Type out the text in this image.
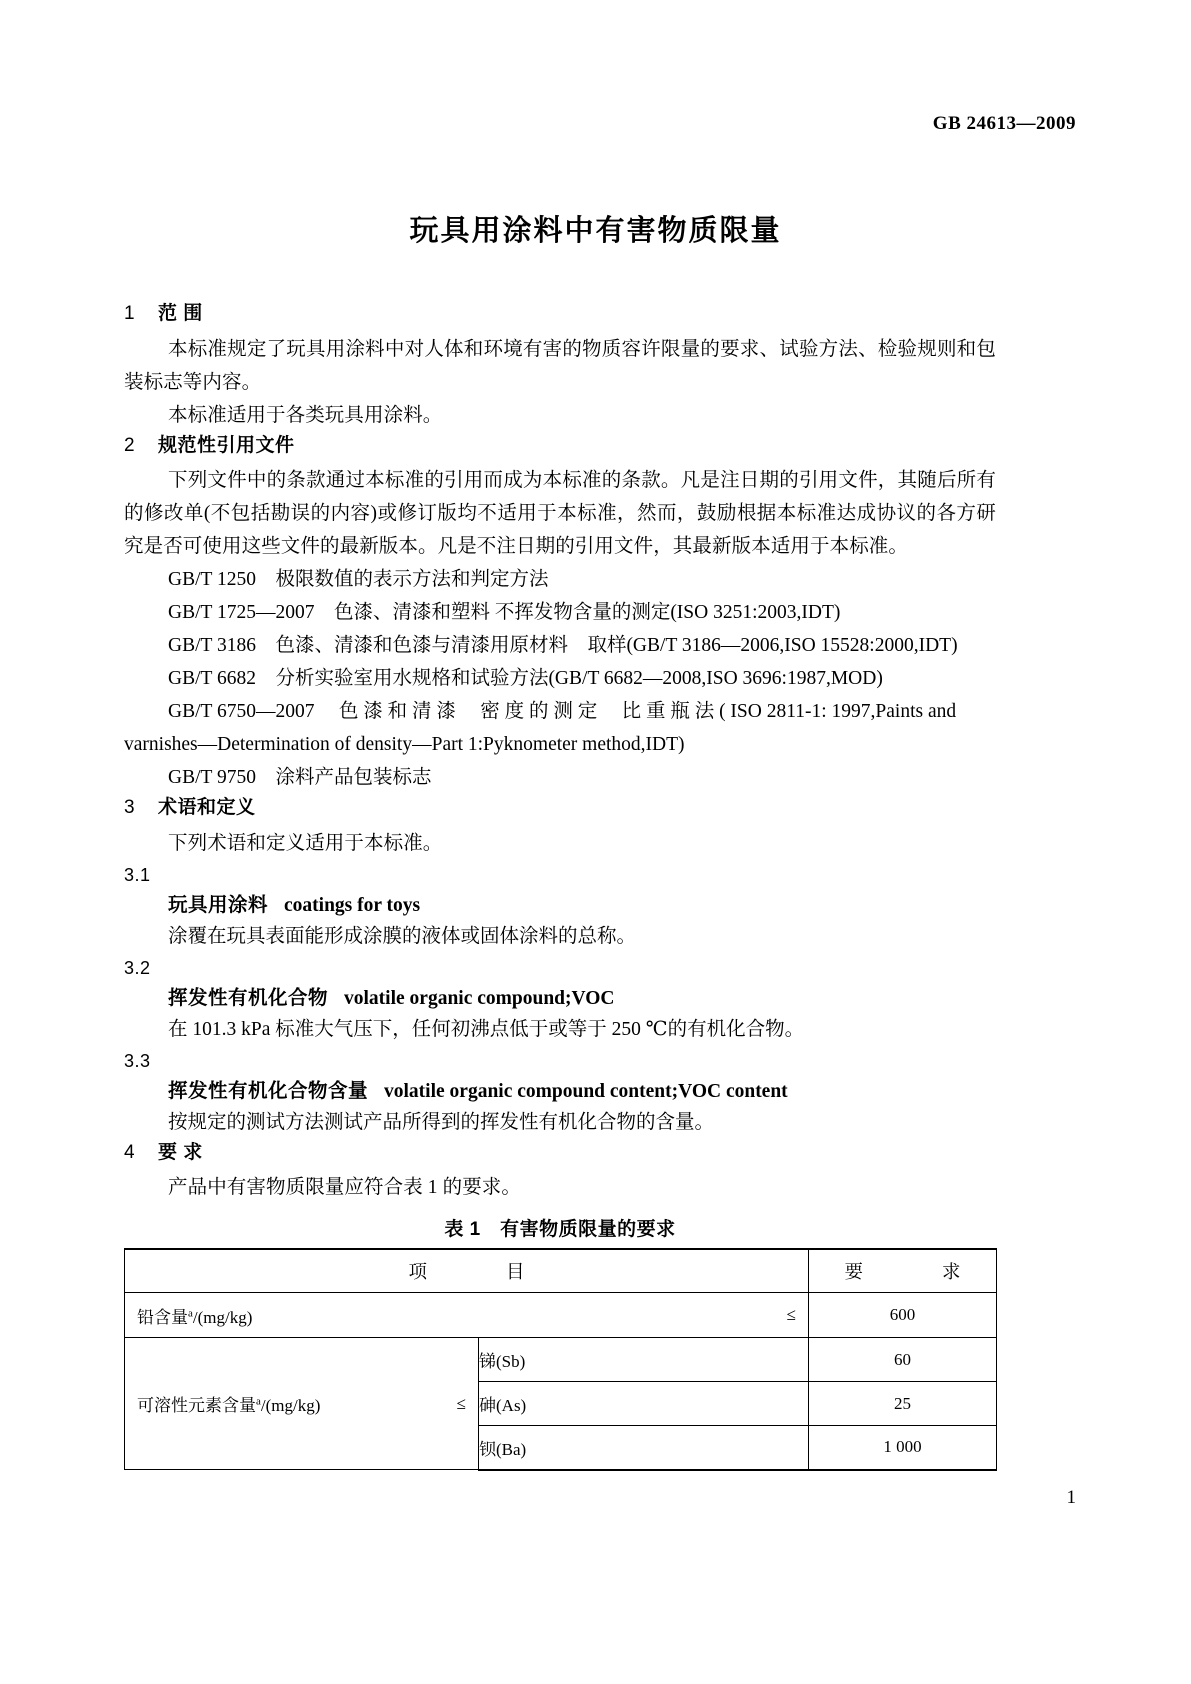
GB 24613—2009
玩具用涂料中有害物质限量
1 范 围

本标准规定了玩具用涂料中对人体和环境有害的物质容许限量的要求、试验方法、检验规则和包装标志等内容。

本标准适用于各类玩具用涂料。

2 规范性引用文件

下列文件中的条款通过本标准的引用而成为本标准的条款。凡是注日期的引用文件，其随后所有的修改单(不包括勘误的内容)或修订版均不适用于本标准，然而，鼓励根据本标准达成协议的各方研究是否可使用这些文件的最新版本。凡是不注日期的引用文件，其最新版本适用于本标准。

GB/T 1250　极限数值的表示方法和判定方法

GB/T 1725—2007　色漆、清漆和塑料 不挥发物含量的测定(ISO 3251:2003,IDT)

GB/T 3186　色漆、清漆和色漆与清漆用原材料　取样(GB/T 3186—2006,ISO 15528:2000,IDT)

GB/T 6682　分析实验室用水规格和试验方法(GB/T 6682—2008,ISO 3696:1987,MOD)

GB/T 6750—2007　 色 漆 和 清 漆　 密 度 的 测 定　 比 重 瓶 法 ( ISO 2811-1: 1997,Paints and

varnishes—Determination of density—Part 1:Pyknometer method,IDT)

GB/T 9750　涂料产品包装标志

3 术语和定义

下列术语和定义适用于本标准。

3.1

玩具用涂料 coatings for toys

涂覆在玩具表面能形成涂膜的液体或固体涂料的总称。

3.2

挥发性有机化合物 volatile organic compound;VOC

在 101.3 kPa 标准大气压下，任何初沸点低于或等于 250 ℃的有机化合物。

3.3

挥发性有机化合物含量 volatile organic compound content;VOC content

按规定的测试方法测试产品所得到的挥发性有机化合物的含量。

4 要 求

产品中有害物质限量应符合表 1 的要求。

表 1　有害物质限量的要求
项　　目		要　　求

铅含量$^a$/(mg/kg) ≤		600

可溶性元素含量$^a$/(mg/kg) ≤	锑(Sb)	60
	砷(As)	25
	钡(Ba)	1 000
1
